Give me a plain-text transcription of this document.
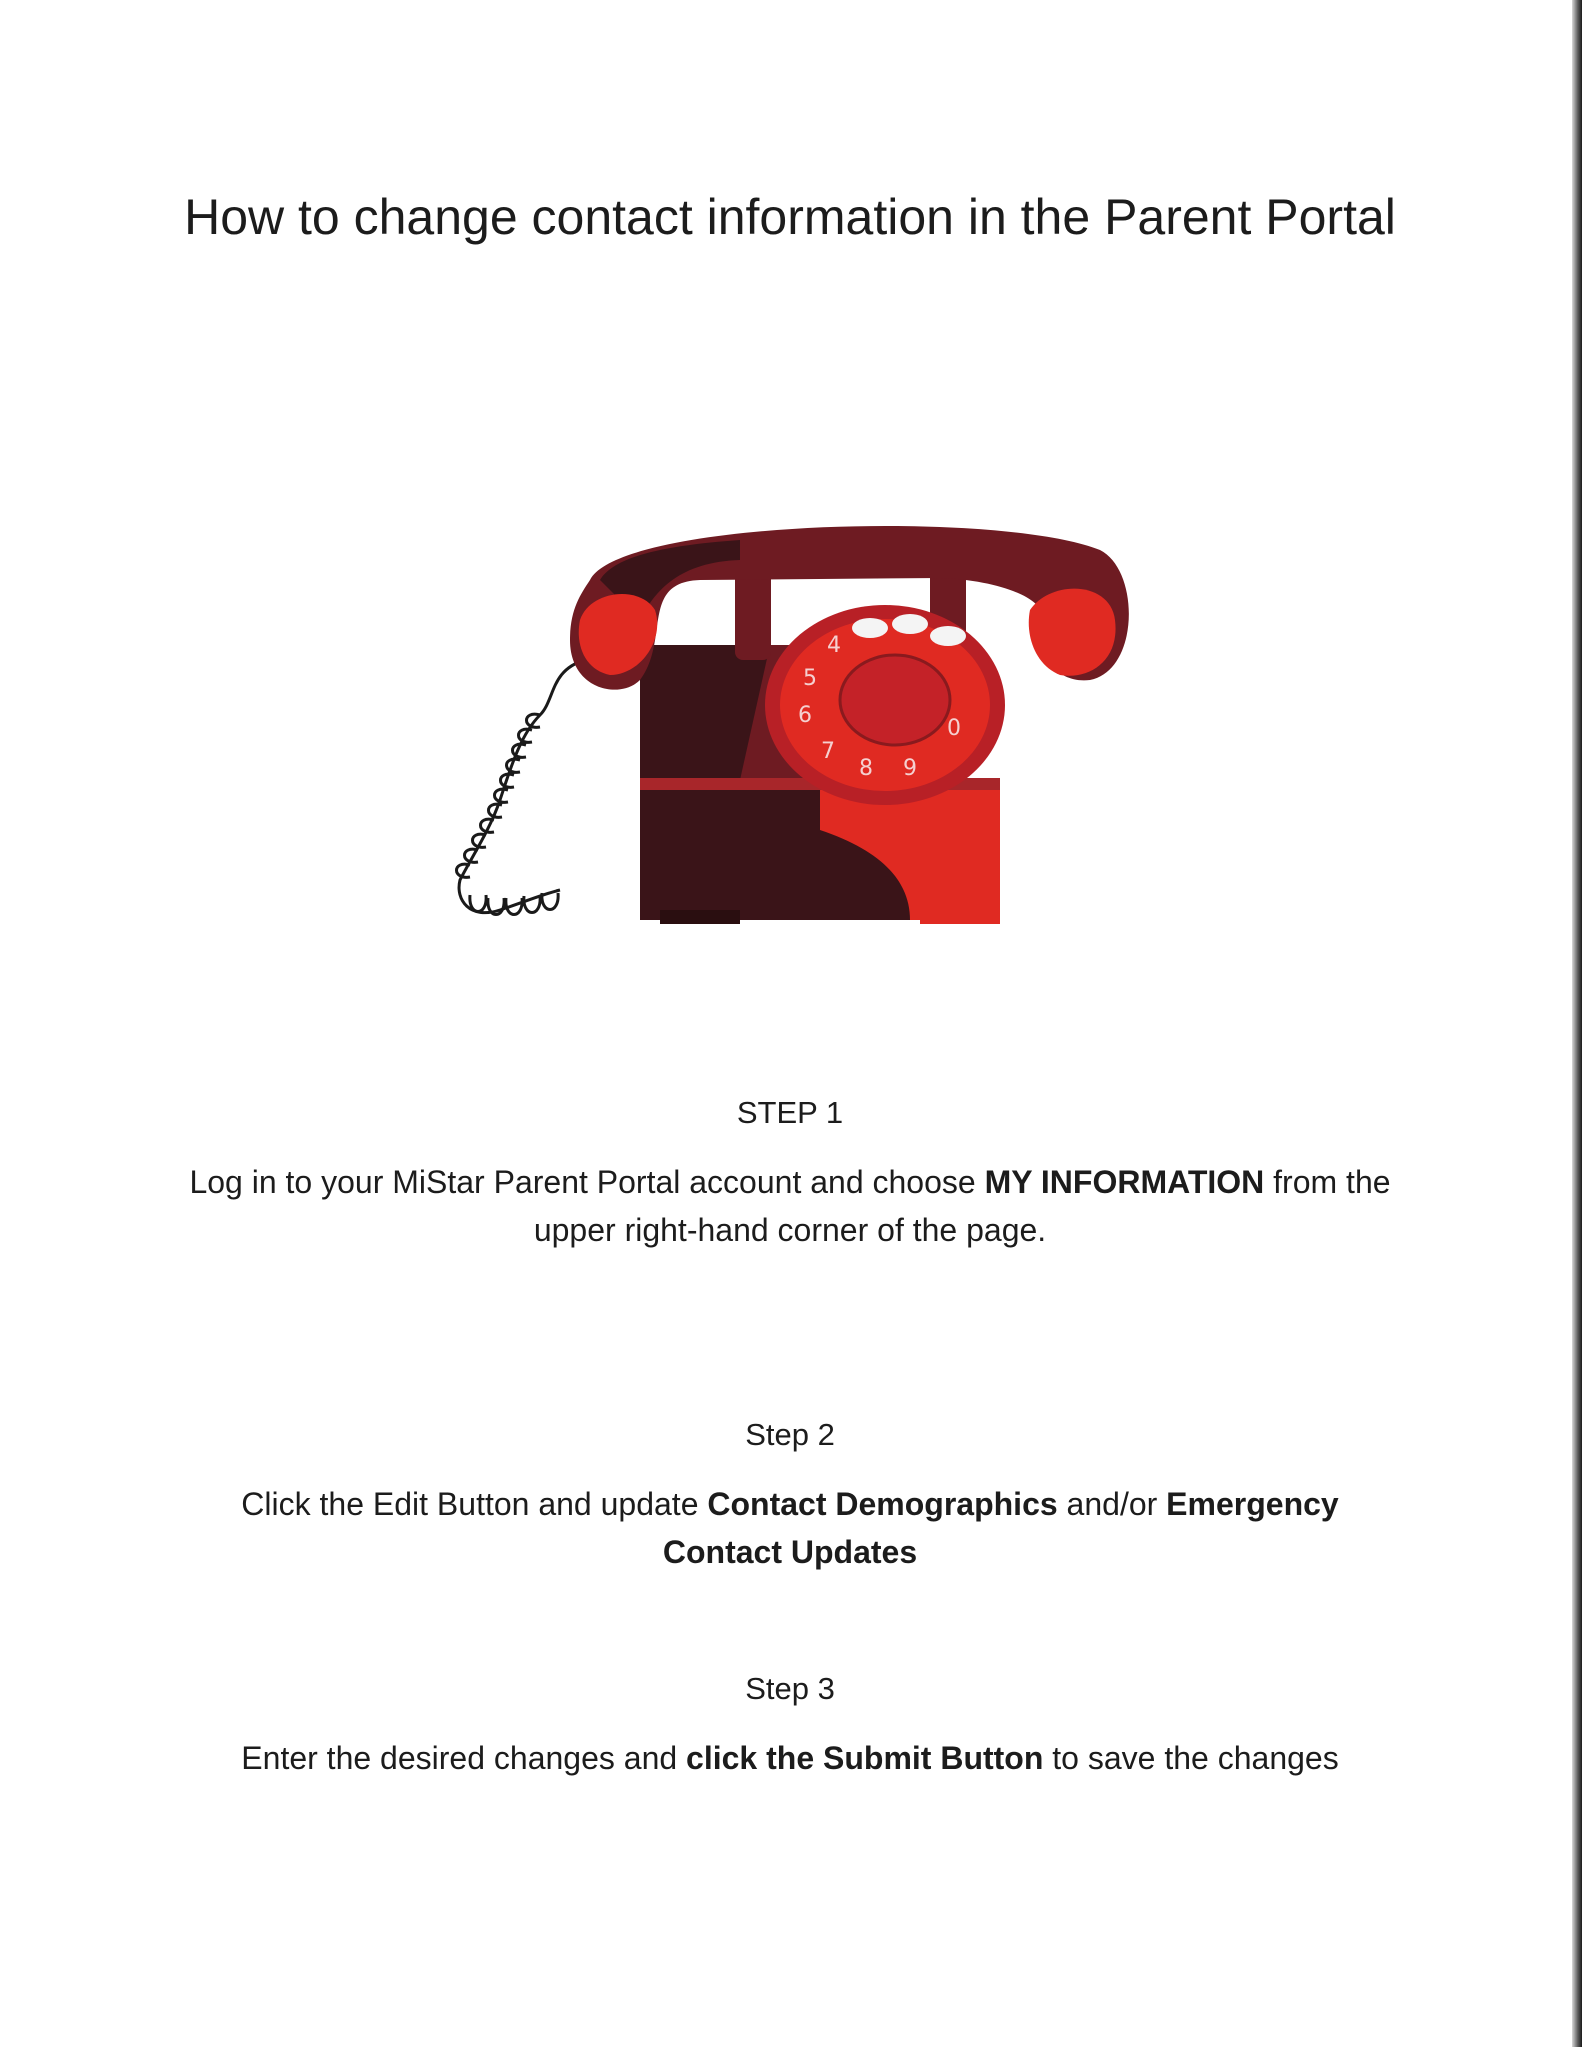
How to change contact information in the Parent Portal
4
5
6
7
8 9
0
STEP 1

Log in to your MiStar Parent Portal account and choose MY INFORMATION from the upper right-hand corner of the page.

Step 2

Click the Edit Button and update Contact Demographics and/or Emergency Contact Updates

Step 3

Enter the desired changes and click the Submit Button to save the changes
